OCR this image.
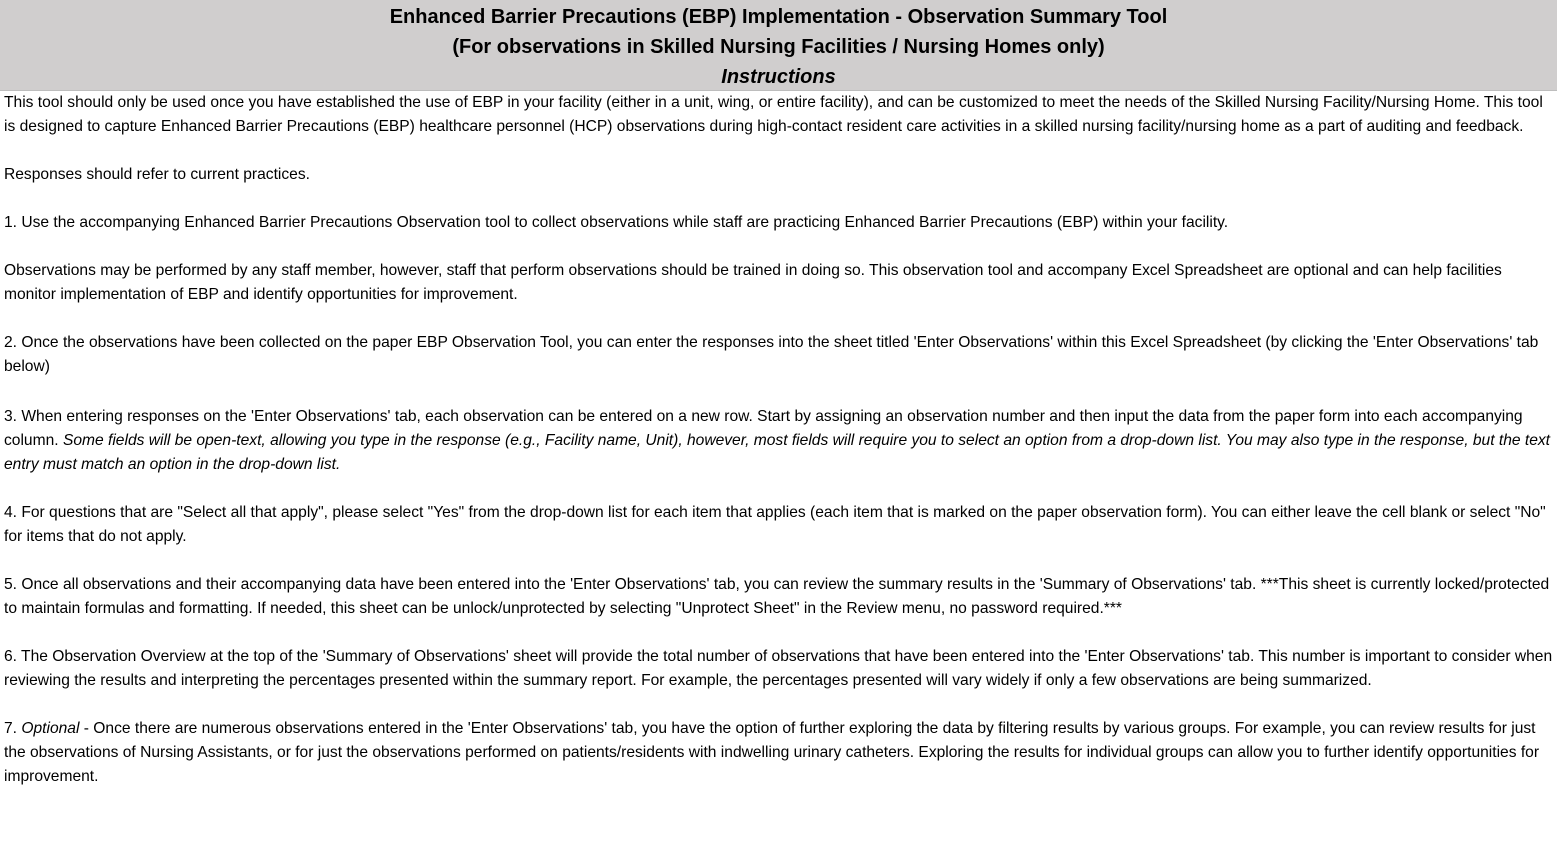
Enhanced Barrier Precautions (EBP) Implementation - Observation Summary Tool
(For observations in Skilled Nursing Facilities / Nursing Homes only)
Instructions

This tool should only be used once you have established the use of EBP in your facility (either in a unit, wing, or entire facility), and can be customized to meet the needs of the Skilled Nursing Facility/Nursing Home. This tool is designed to capture Enhanced Barrier Precautions (EBP) healthcare personnel (HCP) observations during high-contact resident care activities in a skilled nursing facility/nursing home as a part of auditing and feedback.

Responses should refer to current practices.

1. Use the accompanying Enhanced Barrier Precautions Observation tool to collect observations while staff are practicing Enhanced Barrier Precautions (EBP) within your facility.

Observations may be performed by any staff member, however, staff that perform observations should be trained in doing so. This observation tool and accompany Excel Spreadsheet are optional and can help facilities monitor implementation of EBP and identify opportunities for improvement.

2. Once the observations have been collected on the paper EBP Observation Tool, you can enter the responses into the sheet titled 'Enter Observations' within this Excel Spreadsheet (by clicking the 'Enter Observations' tab below)

3. When entering responses on the 'Enter Observations' tab, each observation can be entered on a new row. Start by assigning an observation number and then input the data from the paper form into each accompanying column. Some fields will be open-text, allowing you type in the response (e.g., Facility name, Unit), however, most fields will require you to select an option from a drop-down list. You may also type in the response, but the text entry must match an option in the drop-down list.

4. For questions that are "Select all that apply", please select "Yes" from the drop-down list for each item that applies (each item that is marked on the paper observation form). You can either leave the cell blank or select "No" for items that do not apply.

5. Once all observations and their accompanying data have been entered into the 'Enter Observations' tab, you can review the summary results in the 'Summary of Observations' tab. ***This sheet is currently locked/protected to maintain formulas and formatting. If needed, this sheet can be unlock/unprotected by selecting "Unprotect Sheet" in the Review menu, no password required.***

6. The Observation Overview at the top of the 'Summary of Observations' sheet will provide the total number of observations that have been entered into the 'Enter Observations' tab. This number is important to consider when reviewing the results and interpreting the percentages presented within the summary report. For example, the percentages presented will vary widely if only a few observations are being summarized.

7. Optional - Once there are numerous observations entered in the 'Enter Observations' tab, you have the option of further exploring the data by filtering results by various groups. For example, you can review results for just the observations of Nursing Assistants, or for just the observations performed on patients/residents with indwelling urinary catheters. Exploring the results for individual groups can allow you to further identify opportunities for improvement.
